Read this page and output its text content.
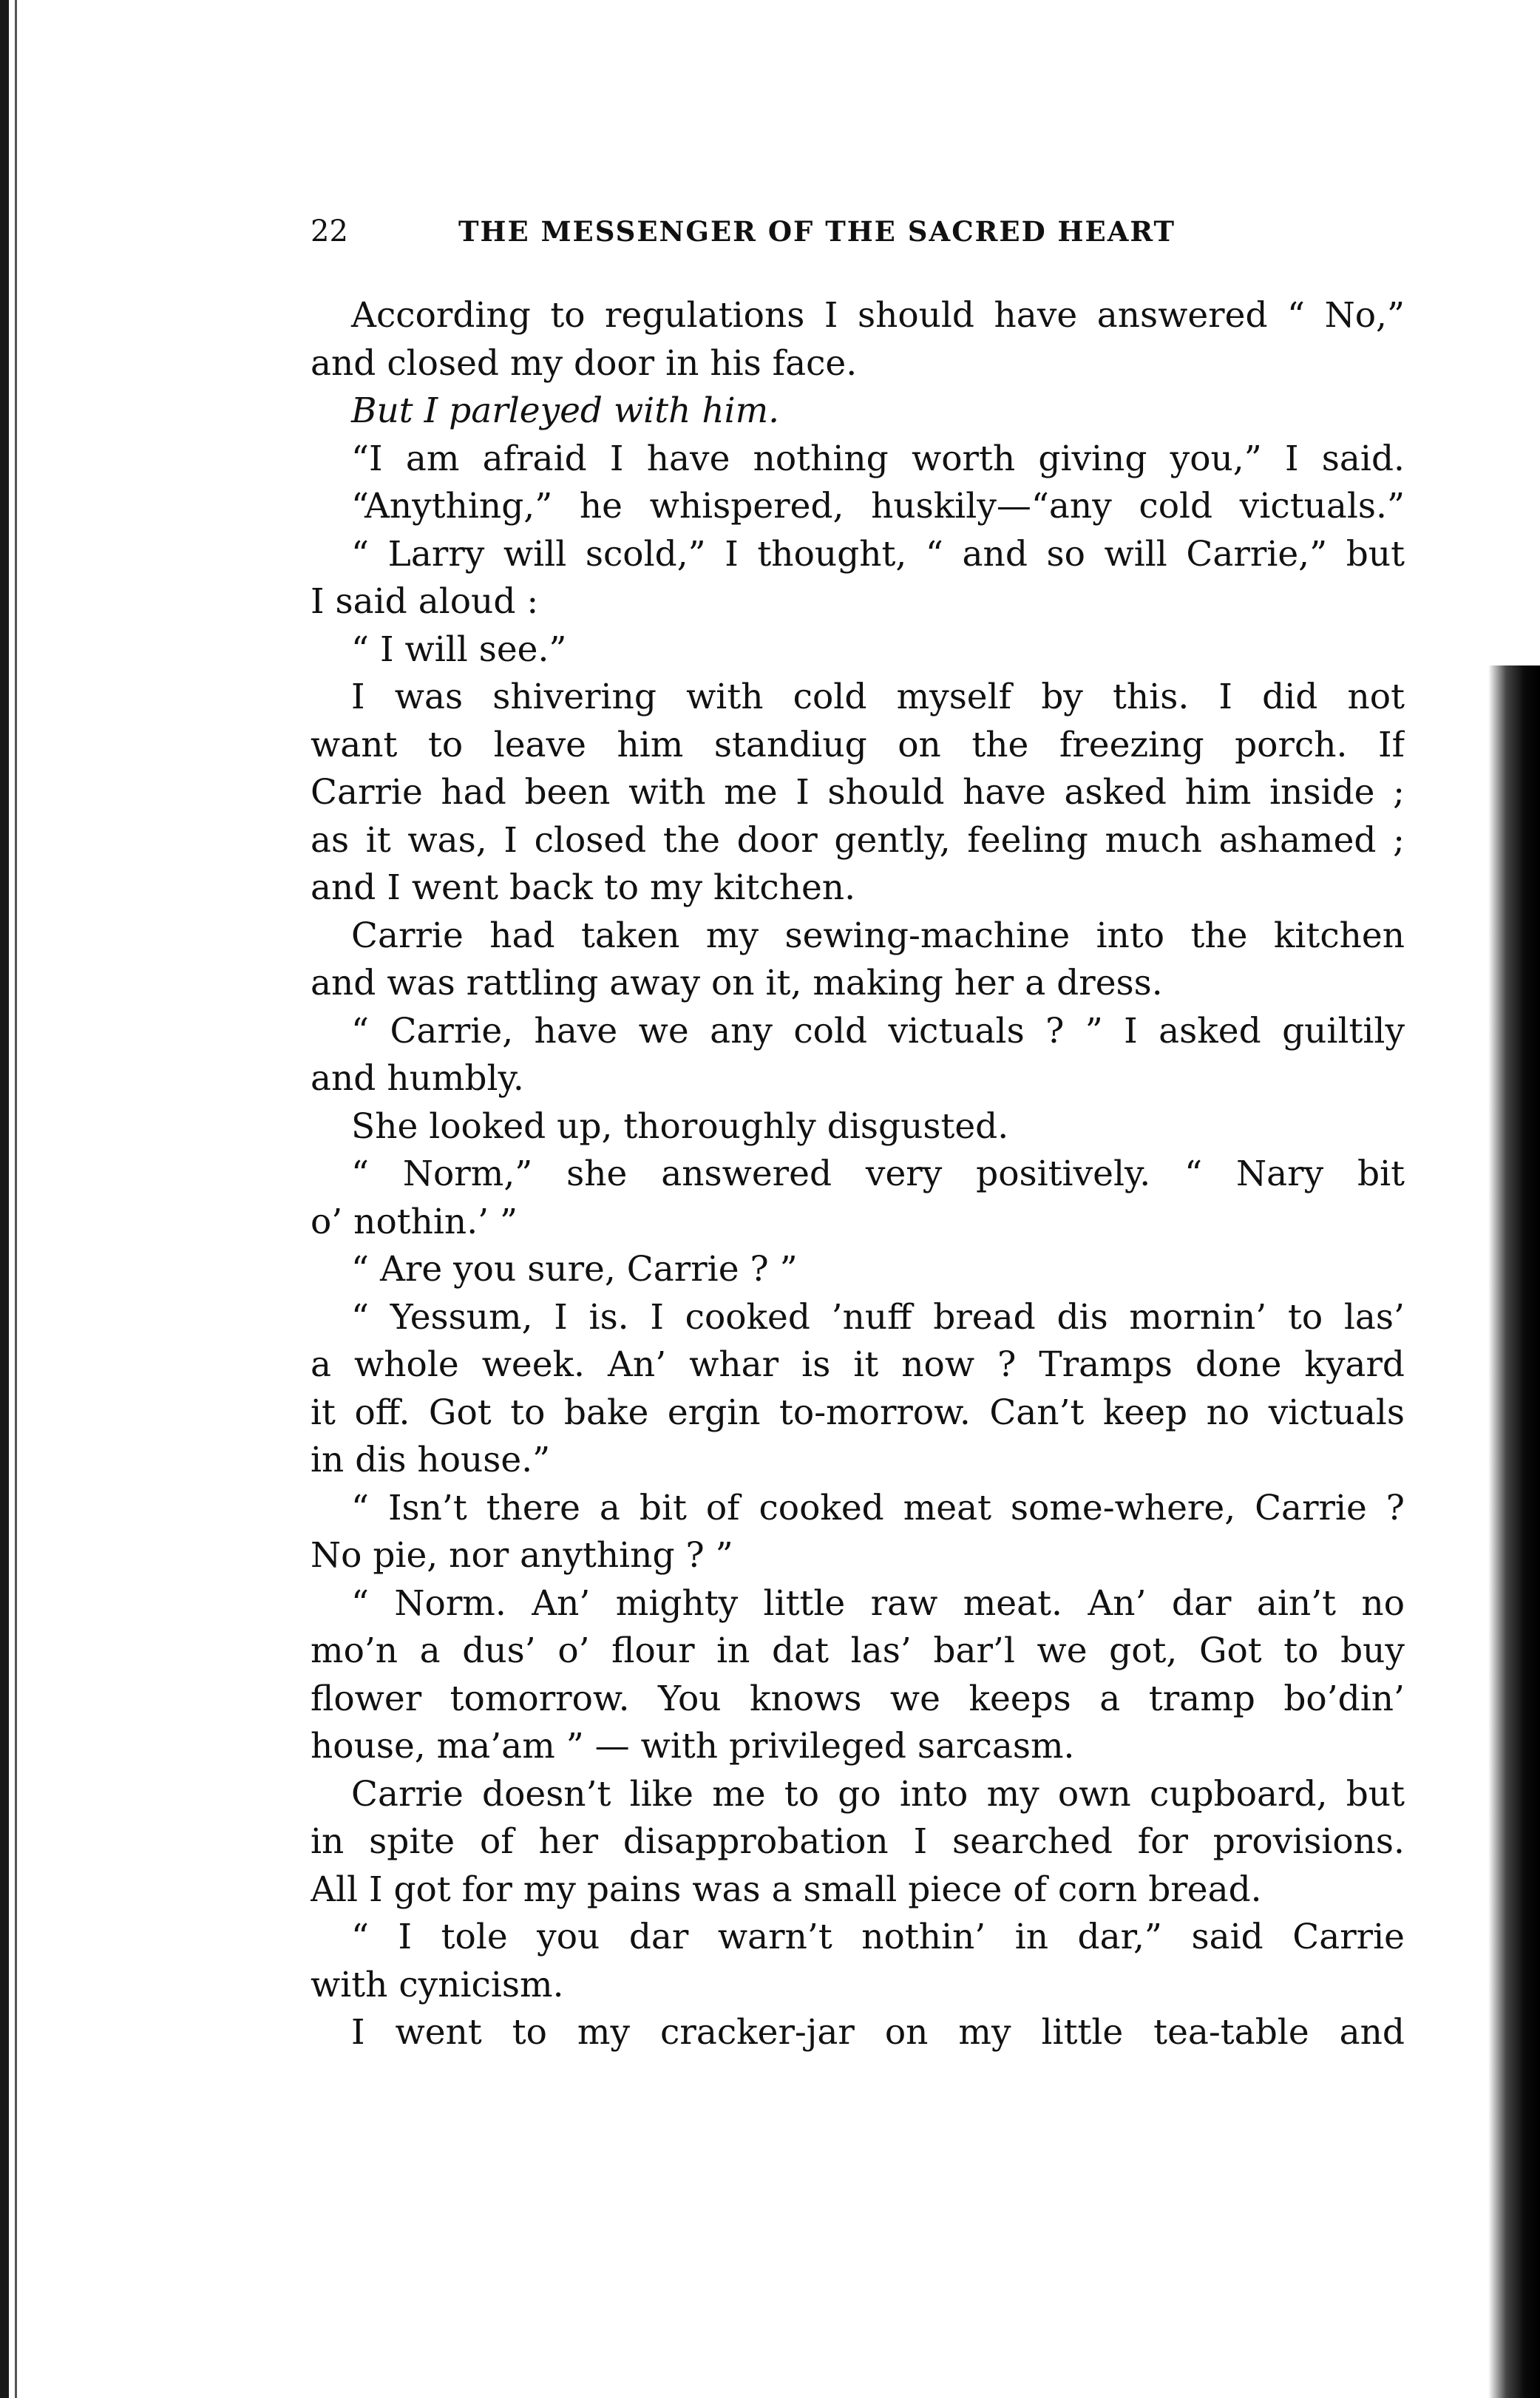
22	THE MESSENGER OF THE SACRED HEART
According to regulations I should have answered “ No,”
and closed my door in his face.
But I parleyed with him.
“I am afraid I have nothing worth giving you,” I said.
“Anything,” he whispered, huskily—“any cold victuals.”
“ Larry will scold,” I thought, “ and so will Carrie,” but
I said aloud :
“ I will see.”
I was shivering with cold myself by this. I did not
want to leave him standiug on the freezing porch. If
Carrie had been with me I should have asked him inside ;
as it was, I closed the door gently, feeling much ashamed ;
and I went back to my kitchen.
Carrie had taken my sewing-machine into the kitchen
and was rattling away on it, making her a dress.
“ Carrie, have we any cold victuals ? ” I asked guiltily
and humbly.
She looked up, thoroughly disgusted.
“ Norm,” she answered very positively. “ Nary bit
o’ nothin.’ ”
“ Are you sure, Carrie ? ”
“ Yessum, I is. I cooked ’nuff bread dis mornin’ to las’
a whole week. An’ whar is it now ? Tramps done kyard
it off. Got to bake ergin to-morrow. Can’t keep no victuals
in dis house.”
“ Isn’t there a bit of cooked meat some-where, Carrie ?
No pie, nor anything ? ”
“ Norm. An’ mighty little raw meat. An’ dar ain’t no
mo’n a dus’ o’ flour in dat las’ bar’l we got, Got to buy
flower tomorrow. You knows we keeps a tramp bo’din’
house, ma’am ” — with privileged sarcasm.
Carrie doesn’t like me to go into my own cupboard, but
in spite of her disapprobation I searched for provisions.
All I got for my pains was a small piece of corn bread.
“ I tole you dar warn’t nothin’ in dar,” said Carrie
with cynicism.
I went to my cracker-jar on my little tea-table and
